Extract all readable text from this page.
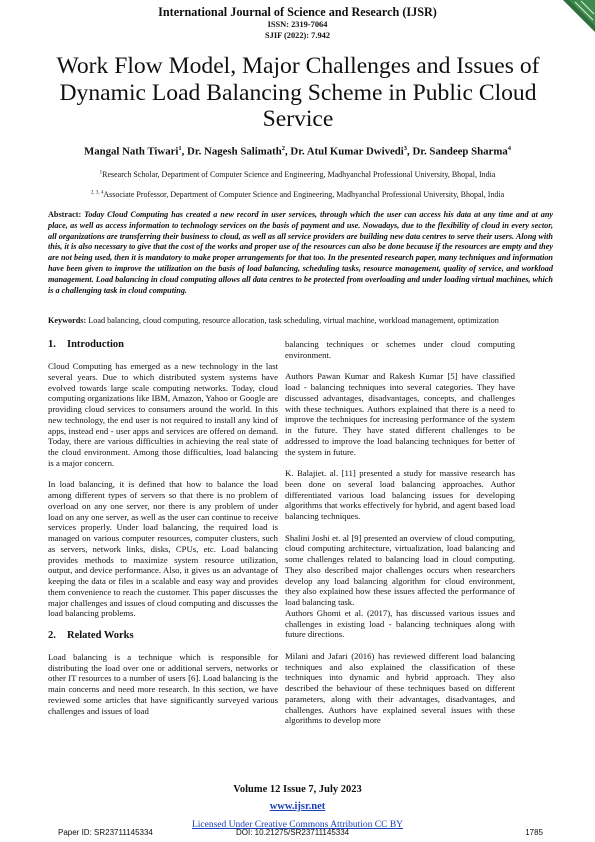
International Journal of Science and Research (IJSR)
ISSN: 2319-7064
SJIF (2022): 7.942
Work Flow Model, Major Challenges and Issues of Dynamic Load Balancing Scheme in Public Cloud Service
Mangal Nath Tiwari$^1$, Dr. Nagesh Salimath$^2$, Dr. Atul Kumar Dwivedi$^3$, Dr. Sandeep Sharma$^4$
$^1$Research Scholar, Department of Computer Science and Engineering, Madhyanchal Professional University, Bhopal, India
$^{2, 3, 4}$Associate Professor, Department of Computer Science and Engineering, Madhyanchal Professional University, Bhopal, India
Abstract: Today Cloud Computing has created a new record in user services, through which the user can access his data at any time and at any place, as well as access information to technology services on the basis of payment and use. Nowadays, due to the flexibility of cloud in every sector, all organizations are transferring their business to cloud, as well as all service providers are building new data centres to serve their users. Along with this, it is also necessary to give that the cost of the works and proper use of the resources can also be done because if the resources are empty and they are not being used, then it is mandatory to make proper arrangements for that too. In the presented research paper, many techniques and information have been given to improve the utilization on the basis of load balancing, scheduling tasks, resource management, quality of service, and workload management. Load balancing in cloud computing allows all data centres to be protected from overloading and under loading virtual machines, which is a challenging task in cloud computing.
Keywords: Load balancing, cloud computing, resource allocation, task scheduling, virtual machine, workload management, optimization
1. Introduction

Cloud Computing has emerged as a new technology in the last several years. Due to which distributed system systems have evolved towards large scale computing networks. Today, cloud computing organizations like IBM, Amazon, Yahoo or Google are providing cloud services to consumers around the world. In this new technology, the end user is not required to install any kind of apps, instead end - user apps and services are offered on demand. Today, there are various difficulties in achieving the real state of the cloud environment. Among those difficulties, load balancing is a major concern.

In load balancing, it is defined that how to balance the load among different types of servers so that there is no problem of overload on any one server, nor there is any problem of under load on any one server, as well as the user can continue to receive services properly. Under load balancing, the required load is managed on various computer resources, computer clusters, such as servers, network links, disks, CPUs, etc. Load balancing provides methods to maximize system resource utilization, output, and device performance. Also, it gives us an advantage of keeping the data or files in a scalable and easy way and provides them convenience to reach the customer. This paper discusses the major challenges and issues of cloud computing and discusses the load balancing problems.

2. Related Works

Load balancing is a technique which is responsible for distributing the load over one or additional servers, networks or other IT resources to a number of users [6]. Load balancing is the main concerns and need more research. In this section, we have reviewed some articles that have significantly surveyed various challenges and issues of load

balancing techniques or schemes under cloud computing environment.

Authors Pawan Kumar and Rakesh Kumar [5] have classified load - balancing techniques into several categories. They have discussed advantages, disadvantages, concepts, and challenges with these techniques. Authors explained that there is a need to improve the techniques for increasing performance of the system in the future. They have stated different challenges to be addressed to improve the load balancing techniques for better of the system in future.

K. Balajiet. al. [11] presented a study for massive research has been done on several load balancing approaches. Author differentiated various load balancing issues for developing algorithms that works effectively for hybrid, and agent based load balancing techniques.

Shalini Joshi et. al [9] presented an overview of cloud computing, cloud computing architecture, virtualization, load balancing and some challenges related to balancing load in cloud computing. They also described major challenges occurs when researchers develop any load balancing algorithm for cloud environment, they also explained how these issues affected the performance of load balancing task.

Authors Ghomi et al. (2017), has discussed various issues and challenges in existing load - balancing techniques along with future directions.

Milani and Jafari (2016) has reviewed different load balancing techniques and also explained the classification of these techniques into dynamic and hybrid approach. They also described the behaviour of these techniques based on different parameters, along with their advantages, disadvantages, and challenges. Authors have explained several issues with these algorithms to develop more

Volume 12 Issue 7, July 2023
www.ijsr.net
Licensed Under Creative Commons Attribution CC BY
Paper ID: SR23711145334	DOI: 10.21275/SR23711145334	1785
